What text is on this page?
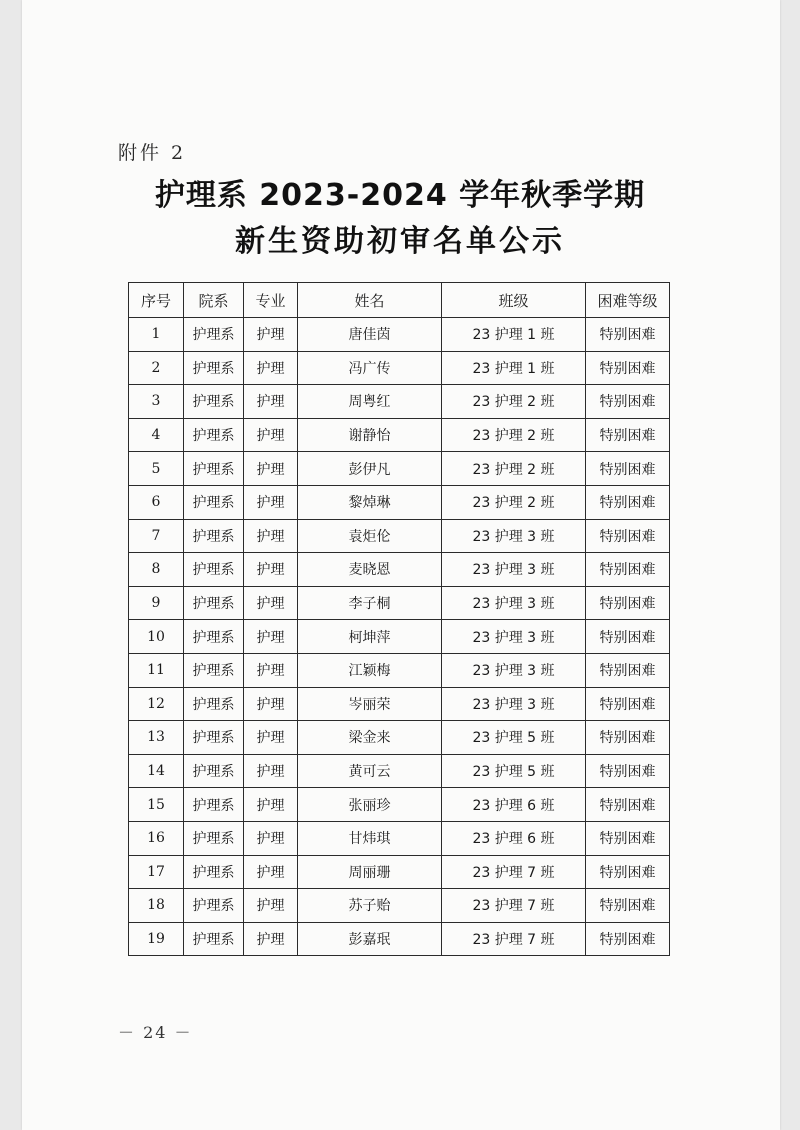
附件 2
护理系 2023-2024 学年秋季学期
新生资助初审名单公示
序号	院系	专业	姓名	班级	困难等级
1	护理系	护理	唐佳茵	23 护理 1 班	特别困难
2	护理系	护理	冯广传	23 护理 1 班	特别困难
3	护理系	护理	周粤红	23 护理 2 班	特别困难
4	护理系	护理	谢静怡	23 护理 2 班	特别困难
5	护理系	护理	彭伊凡	23 护理 2 班	特别困难
6	护理系	护理	黎焯琳	23 护理 2 班	特别困难
7	护理系	护理	袁炬伦	23 护理 3 班	特别困难
8	护理系	护理	麦晓恩	23 护理 3 班	特别困难
9	护理系	护理	李子桐	23 护理 3 班	特别困难
10	护理系	护理	柯坤萍	23 护理 3 班	特别困难
11	护理系	护理	江颖梅	23 护理 3 班	特别困难
12	护理系	护理	岑丽荣	23 护理 3 班	特别困难
13	护理系	护理	梁金来	23 护理 5 班	特别困难
14	护理系	护理	黄可云	23 护理 5 班	特别困难
15	护理系	护理	张丽珍	23 护理 6 班	特别困难
16	护理系	护理	甘炜琪	23 护理 6 班	特别困难
17	护理系	护理	周丽珊	23 护理 7 班	特别困难
18	护理系	护理	苏子贻	23 护理 7 班	特别困难
19	护理系	护理	彭嘉珉	23 护理 7 班	特别困难
－ 24 －
